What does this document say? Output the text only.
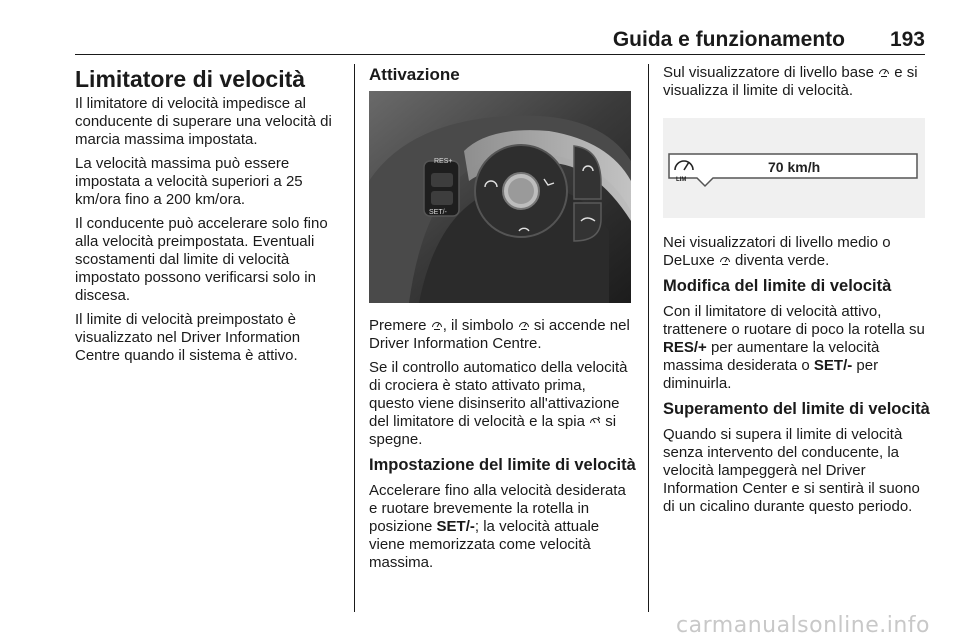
Guida e funzionamento 193
Limitatore di velocità

Il limitatore di velocità impedisce al conducente di superare una velocità di marcia massima impostata.

La velocità massima può essere impostata a velocità superiori a 25 km/ora fino a 200 km/ora.

Il conducente può accelerare solo fino alla velocità preimpostata. Eventuali scostamenti dal limite di velocità impostato possono verificarsi solo in discesa.

Il limite di velocità preimpostato è visualizzato nel Driver Information Centre quando il sistema è attivo.

Attivazione
RES+
SET/-

Premere , il simbolo  si accende nel Driver Information Centre.

Se il controllo automatico della velocità di crociera è stato attivato prima, questo viene disinserito all'attivazione del limitatore di velocità e la spia  si spegne.

Impostazione del limite di velocità

Accelerare fino alla velocità desiderata e ruotare brevemente la rotella in posizione SET/-; la velocità attuale viene memorizzata come velocità massima.

Sul visualizzatore di livello base  e si visualizza il limite di velocità.

LIM
70 km/h

Nei visualizzatori di livello medio o DeLuxe  diventa verde.

Modifica del limite di velocità

Con il limitatore di velocità attivo, trattenere o ruotare di poco la rotella su RES/+ per aumentare la velocità massima desiderata o SET/- per diminuirla.

Superamento del limite di velocità

Quando si supera il limite di velocità senza intervento del conducente, la velocità lampeggerà nel Driver Information Center e si sentirà il suono di un cicalino durante questo periodo.

carmanualsonline.info
